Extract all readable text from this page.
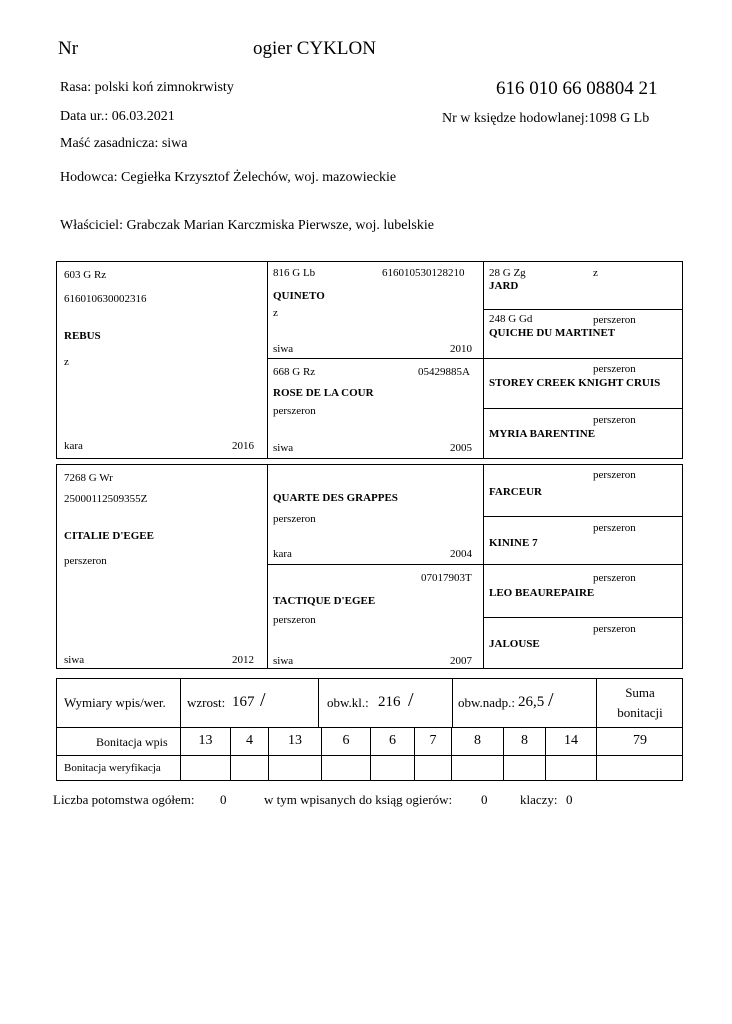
Nr	ogier CYKLON
Rasa: polski koń zimnokrwisty	616 010 66 08804 21
Data ur.: 06.03.2021	Nr w księdze hodowlanej:1098 G Lb
Maść zasadnicza: siwa
Hodowca: Cegiełka Krzysztof Żelechów, woj. mazowieckie
Właściciel: Grabczak Marian Karczmiska Pierwsze, woj. lubelskie
603 G Rz
616010630002316
REBUS
z
kara	2016
816 G Lb	616010530128210
QUINETO
z
siwa	2010
668 G Rz	05429885A
ROSE DE LA COUR
perszeron
siwa	2005
28 G Zg	z
JARD
248 G Gd	perszeron
QUICHE DU MARTINET
perszeron
STOREY CREEK KNIGHT CRUIS
perszeron
MYRIA BARENTINE
7268 G Wr
25000112509355Z
CITALIE D'EGEE
perszeron
siwa	2012
QUARTE DES GRAPPES
perszeron
kara	2004
07017903T
TACTIQUE D'EGEE
perszeron
siwa	2007
perszeron
FARCEUR
perszeron
KININE 7
perszeron
LEO BEAUREPAIRE
perszeron
JALOUSE
Wymiary wpis/wer. wzrost: 167 /	obw.kl.: 216 /	obw.nadp.: 26,5 /	Suma
bonitacji
Bonitacja wpis	13	4	13	6	6	7	8	8	14	79
Bonitacja weryfikacja
Liczba potomstwa ogółem: 0	w tym wpisanych do ksiąg ogierów: 0	klaczy: 0
